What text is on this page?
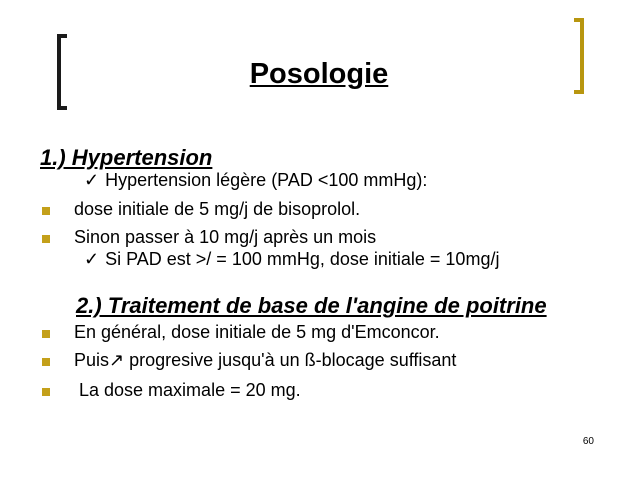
Posologie
1.) Hypertension
✓ Hypertension légère (PAD <100 mmHg):
dose initiale de 5 mg/j de bisoprolol.
Sinon passer à 10 mg/j après un mois
✓ Si PAD est >/ = 100 mmHg, dose initiale = 10mg/j
2.) Traitement de base de l'angine de poitrine
En général, dose initiale de 5 mg d'Emconcor.
Puis↗ progresive jusqu'à un ß-blocage suffisant
La dose maximale = 20 mg.
60
